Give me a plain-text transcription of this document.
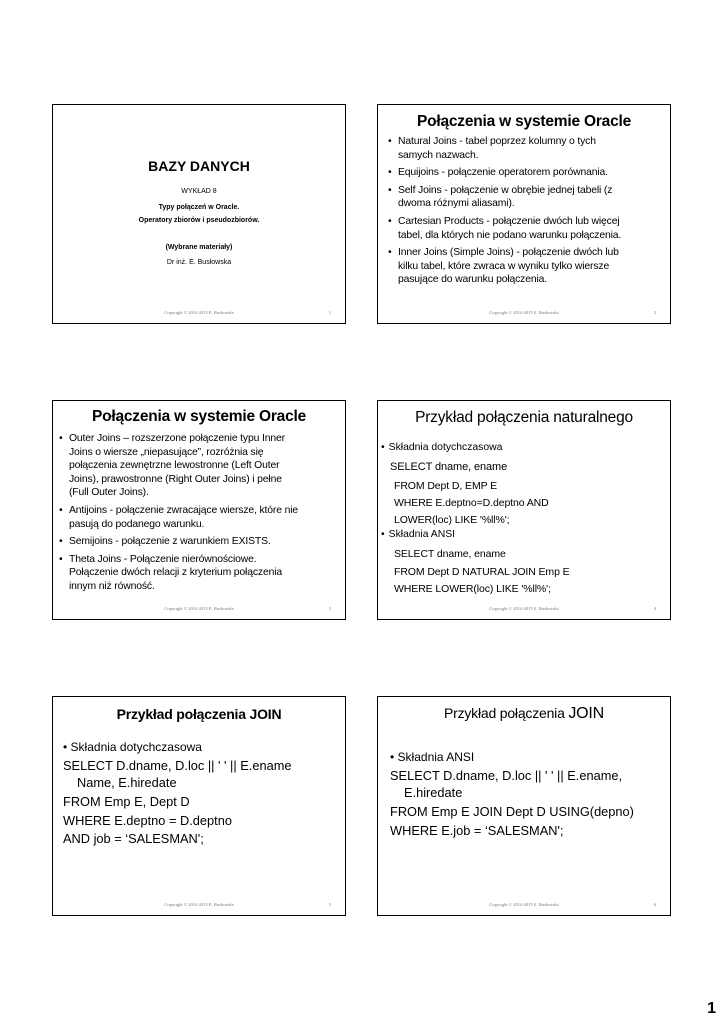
BAZY DANYCH
WYKŁAD 8
Typy połączeń w Oracle.
Operatory zbiorów i pseudozbiorów.
(Wybrane materiały)
Dr inż. E. Busłowska
Copyright © 2014-2015 E. Busłowska	1
Połączenia w systemie Oracle
• Natural Joins - tabel poprzez kolumny o tych
samych nazwach.
• Equijoins - połączenie operatorem porównania.
• Self Joins - połączenie w obrębie jednej tabeli (z
dwoma różnymi aliasami).
• Cartesian Products - połączenie dwóch lub więcej
tabel, dla których nie podano warunku połączenia.
• Inner Joins (Simple Joins) - połączenie dwóch lub
kilku tabel, które zwraca w wyniku tylko wiersze
pasujące do warunku połączenia.
Copyright © 2014-2015 E. Busłowska	2
Połączenia w systemie Oracle
• Outer Joins – rozszerzone połączenie typu Inner
Joins o wiersze „niepasujące”, rozróżnia się
połączenia zewnętrzne lewostronne (Left Outer
Joins), prawostronne (Right Outer Joins) i pełne
(Full Outer Joins).
• Antijoins - połączenie zwracające wiersze, które nie
pasują do podanego warunku.
• Semijoins - połączenie z warunkiem EXISTS.
• Theta Joins - Połączenie nierównościowe.
Połączenie dwóch relacji z kryterium połączenia
innym niż równość.
Copyright © 2014-2015 E. Busłowska	3
Przykład połączenia naturalnego
• Składnia dotychczasowa
SELECT dname, ename
FROM Dept D, EMP E
WHERE E.deptno=D.deptno AND
LOWER(loc) LIKE '%ll%';
• Składnia ANSI
SELECT dname, ename
FROM Dept D NATURAL JOIN Emp E
WHERE LOWER(loc) LIKE '%ll%';
Copyright © 2014-2015 E. Busłowska	4
Przykład połączenia JOIN
• Składnia dotychczasowa
SELECT D.dname, D.loc || ' ' || E.ename
Name, E.hiredate
FROM Emp E, Dept D
WHERE E.deptno = D.deptno
AND job = ‘SALESMAN';
Copyright © 2014-2015 E. Busłowska	5
Przykład połączenia JOIN
• Składnia ANSI
SELECT D.dname, D.loc || ' ' || E.ename,
E.hiredate
FROM Emp E JOIN Dept D USING(depno)
WHERE E.job = ‘SALESMAN';
Copyright © 2014-2015 E. Busłowska	6
1
